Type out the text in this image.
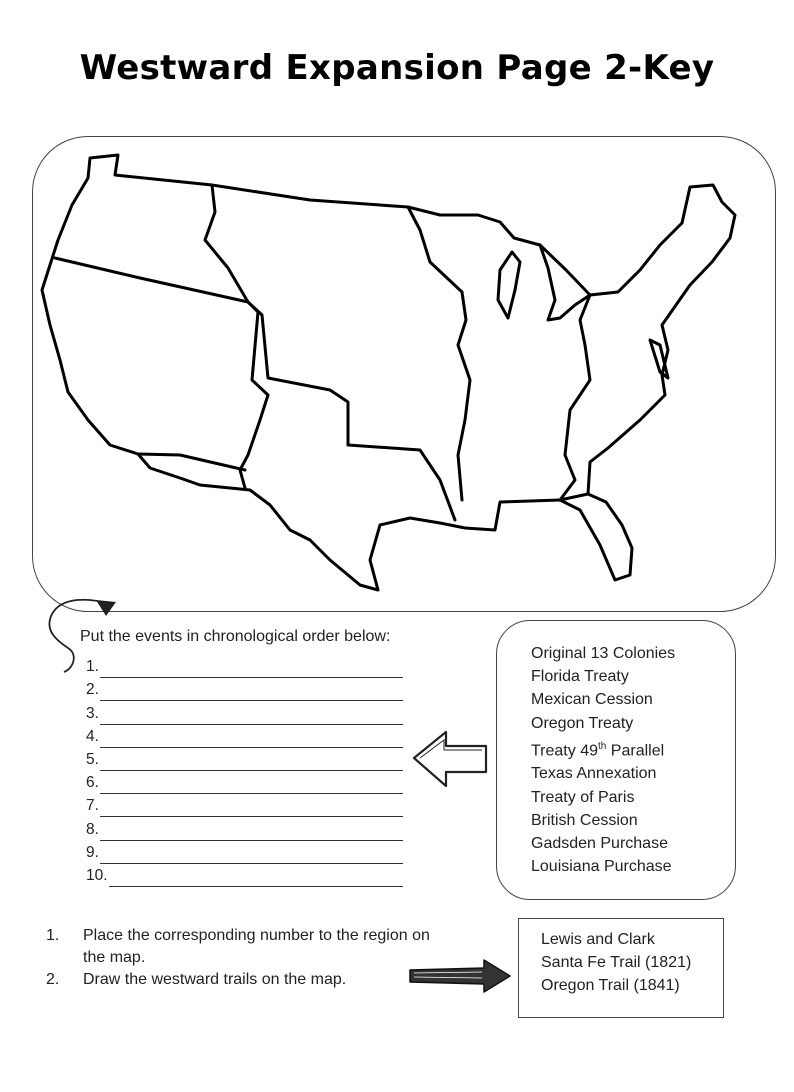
Westward Expansion Page 2-Key
Put the events in chronological order below:
1.
2.
3.
4.
5.
6.
7.
8.
9.
10.
Original 13 Colonies
Florida Treaty
Mexican Cession
Oregon Treaty
Treaty 49th Parallel
Texas Annexation
Treaty of Paris
British Cession
Gadsden Purchase
Louisiana Purchase
1.	Place the corresponding number to the region on the map.
2.	Draw the westward trails on the map.
Lewis and Clark
Santa Fe Trail (1821)
Oregon Trail (1841)
